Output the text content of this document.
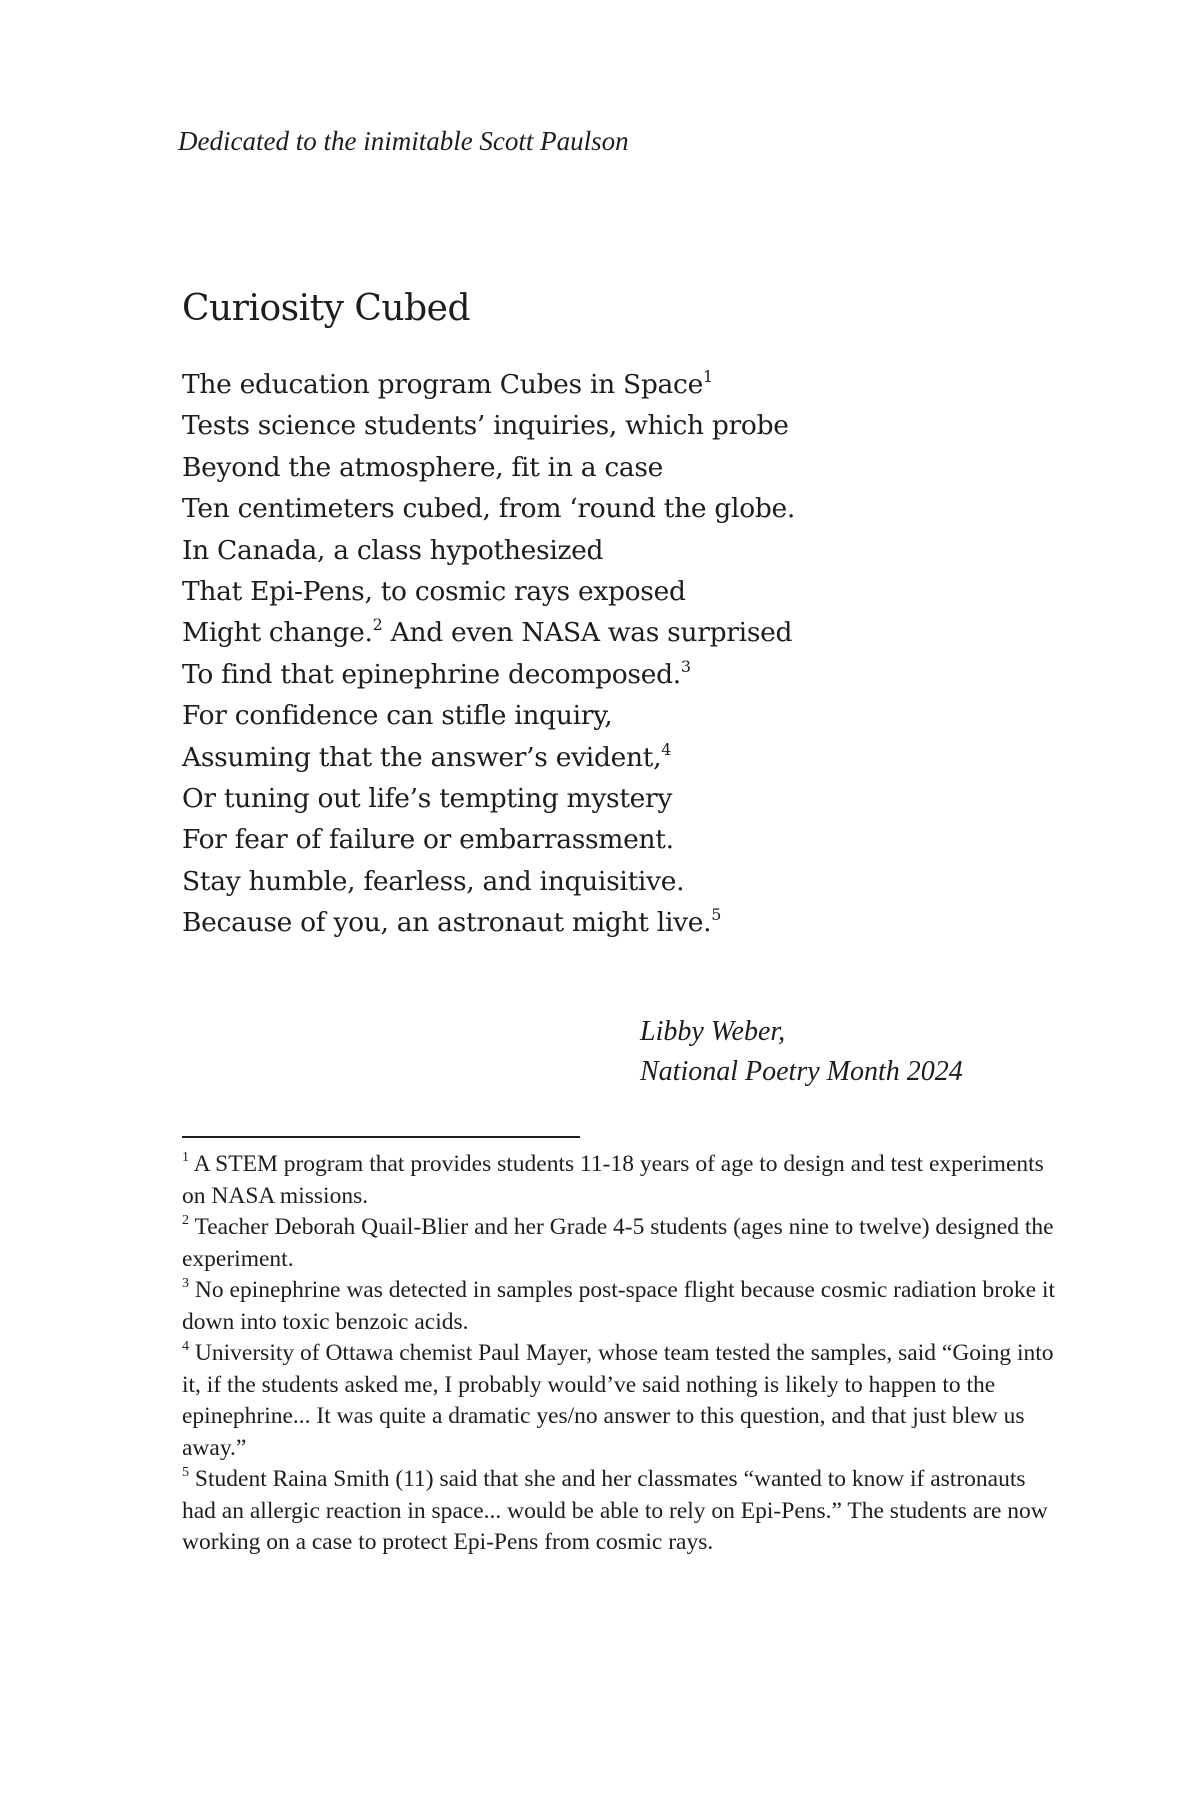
Dedicated to the inimitable Scott Paulson
Curiosity Cubed
The education program Cubes in Space$^1$
Tests science students’ inquiries, which probe
Beyond the atmosphere, fit in a case
Ten centimeters cubed, from ‘round the globe.
In Canada, a class hypothesized
That Epi-Pens, to cosmic rays exposed
Might change.$^2$ And even NASA was surprised
To find that epinephrine decomposed.$^3$
For confidence can stifle inquiry,
Assuming that the answer’s evident,$^4$
Or tuning out life’s tempting mystery
For fear of failure or embarrassment.
Stay humble, fearless, and inquisitive.
Because of you, an astronaut might live.$^5$
Libby Weber,
National Poetry Month 2024
$^1$ A STEM program that provides students 11-18 years of age to design and test experiments on NASA missions.
$^2$ Teacher Deborah Quail-Blier and her Grade 4-5 students (ages nine to twelve) designed the experiment.
$^3$ No epinephrine was detected in samples post-space flight because cosmic radiation broke it down into toxic benzoic acids.
$^4$ University of Ottawa chemist Paul Mayer, whose team tested the samples, said “Going into it, if the students asked me, I probably would’ve said nothing is likely to happen to the epinephrine... It was quite a dramatic yes/no answer to this question, and that just blew us away.”
$^5$ Student Raina Smith (11) said that she and her classmates “wanted to know if astronauts had an allergic reaction in space... would be able to rely on Epi-Pens.” The students are now working on a case to protect Epi-Pens from cosmic rays.
